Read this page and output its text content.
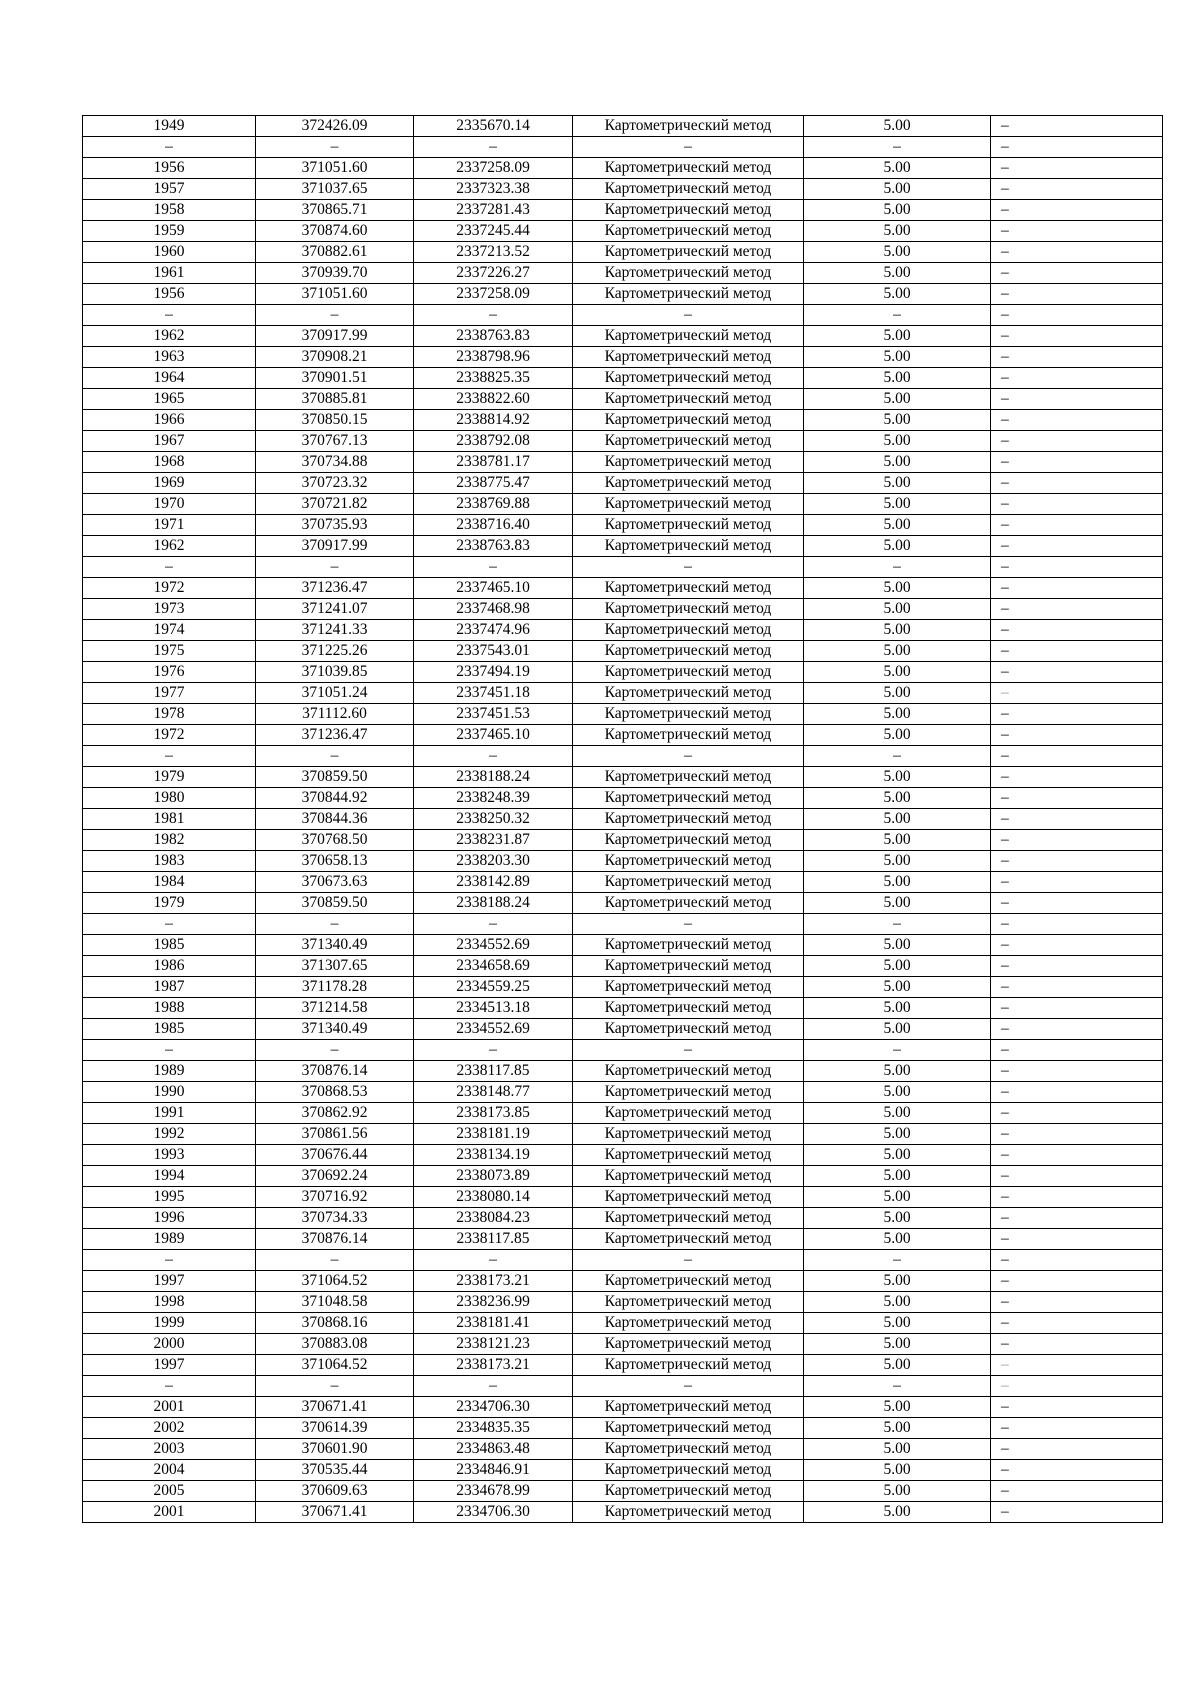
1949	372426.09	2335670.14	Картометрический метод	5.00	–
–	–	–	–	–	–
1956	371051.60	2337258.09	Картометрический метод	5.00	–
1957	371037.65	2337323.38	Картометрический метод	5.00	–
1958	370865.71	2337281.43	Картометрический метод	5.00	–
1959	370874.60	2337245.44	Картометрический метод	5.00	–
1960	370882.61	2337213.52	Картометрический метод	5.00	–
1961	370939.70	2337226.27	Картометрический метод	5.00	–
1956	371051.60	2337258.09	Картометрический метод	5.00	–
–	–	–	–	–	–
1962	370917.99	2338763.83	Картометрический метод	5.00	–
1963	370908.21	2338798.96	Картометрический метод	5.00	–
1964	370901.51	2338825.35	Картометрический метод	5.00	–
1965	370885.81	2338822.60	Картометрический метод	5.00	–
1966	370850.15	2338814.92	Картометрический метод	5.00	–
1967	370767.13	2338792.08	Картометрический метод	5.00	–
1968	370734.88	2338781.17	Картометрический метод	5.00	–
1969	370723.32	2338775.47	Картометрический метод	5.00	–
1970	370721.82	2338769.88	Картометрический метод	5.00	–
1971	370735.93	2338716.40	Картометрический метод	5.00	–
1962	370917.99	2338763.83	Картометрический метод	5.00	–
–	–	–	–	–	–
1972	371236.47	2337465.10	Картометрический метод	5.00	–
1973	371241.07	2337468.98	Картометрический метод	5.00	–
1974	371241.33	2337474.96	Картометрический метод	5.00	–
1975	371225.26	2337543.01	Картометрический метод	5.00	–
1976	371039.85	2337494.19	Картометрический метод	5.00	–
1977	371051.24	2337451.18	Картометрический метод	5.00	–
1978	371112.60	2337451.53	Картометрический метод	5.00	–
1972	371236.47	2337465.10	Картометрический метод	5.00	–
–	–	–	–	–	–
1979	370859.50	2338188.24	Картометрический метод	5.00	–
1980	370844.92	2338248.39	Картометрический метод	5.00	–
1981	370844.36	2338250.32	Картометрический метод	5.00	–
1982	370768.50	2338231.87	Картометрический метод	5.00	–
1983	370658.13	2338203.30	Картометрический метод	5.00	–
1984	370673.63	2338142.89	Картометрический метод	5.00	–
1979	370859.50	2338188.24	Картометрический метод	5.00	–
–	–	–	–	–	–
1985	371340.49	2334552.69	Картометрический метод	5.00	–
1986	371307.65	2334658.69	Картометрический метод	5.00	–
1987	371178.28	2334559.25	Картометрический метод	5.00	–
1988	371214.58	2334513.18	Картометрический метод	5.00	–
1985	371340.49	2334552.69	Картометрический метод	5.00	–
–	–	–	–	–	–
1989	370876.14	2338117.85	Картометрический метод	5.00	–
1990	370868.53	2338148.77	Картометрический метод	5.00	–
1991	370862.92	2338173.85	Картометрический метод	5.00	–
1992	370861.56	2338181.19	Картометрический метод	5.00	–
1993	370676.44	2338134.19	Картометрический метод	5.00	–
1994	370692.24	2338073.89	Картометрический метод	5.00	–
1995	370716.92	2338080.14	Картометрический метод	5.00	–
1996	370734.33	2338084.23	Картометрический метод	5.00	–
1989	370876.14	2338117.85	Картометрический метод	5.00	–
–	–	–	–	–	–
1997	371064.52	2338173.21	Картометрический метод	5.00	–
1998	371048.58	2338236.99	Картометрический метод	5.00	–
1999	370868.16	2338181.41	Картометрический метод	5.00	–
2000	370883.08	2338121.23	Картометрический метод	5.00	–
1997	371064.52	2338173.21	Картометрический метод	5.00	–
–	–	–	–	–	–
2001	370671.41	2334706.30	Картометрический метод	5.00	–
2002	370614.39	2334835.35	Картометрический метод	5.00	–
2003	370601.90	2334863.48	Картометрический метод	5.00	–
2004	370535.44	2334846.91	Картометрический метод	5.00	–
2005	370609.63	2334678.99	Картометрический метод	5.00	–
2001	370671.41	2334706.30	Картометрический метод	5.00	–
